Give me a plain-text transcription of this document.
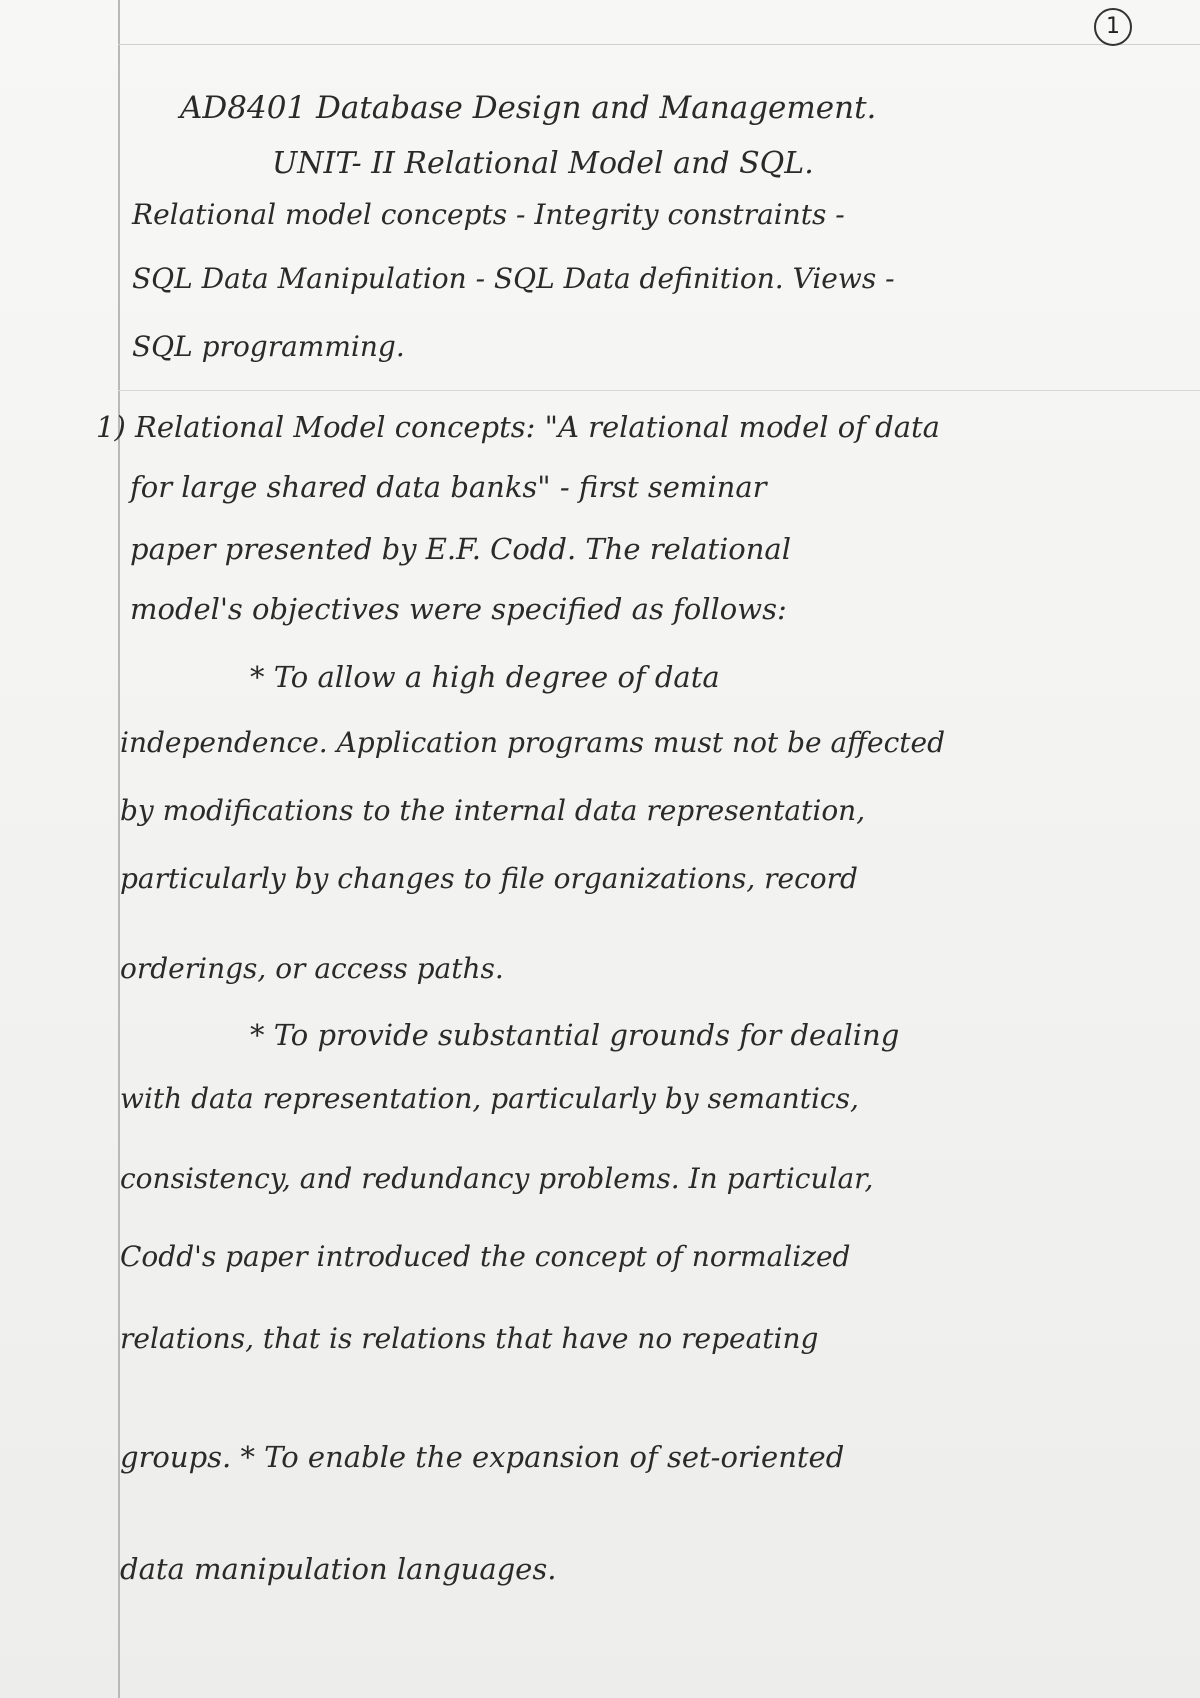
1
AD8401 Database Design and Management.
UNIT- II Relational Model and SQL.
Relational model concepts - Integrity constraints -
SQL Data Manipulation - SQL Data definition. Views -
SQL programming.
1) Relational Model concepts: "A relational model of data
for large shared data banks" - first seminar
paper presented by E.F. Codd. The relational
model's objectives were specified as follows:
* To allow a high degree of data
independence. Application programs must not be affected
by modifications to the internal data representation,
particularly by changes to file organizations, record
orderings, or access paths.
* To provide substantial grounds for dealing
with data representation, particularly by semantics,
consistency, and redundancy problems. In particular,
Codd's paper introduced the concept of normalized
relations, that is relations that have no repeating
groups. * To enable the expansion of set-oriented
data manipulation languages.
